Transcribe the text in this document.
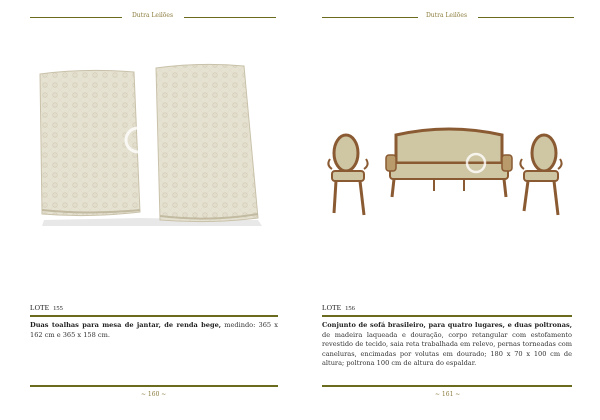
Dutra Leilões
LOTE 155
Duas toalhas para mesa de jantar, de renda bege, medindo: 365 x 162 cm e 365 x 158 cm.
~ 160 ~
Dutra Leilões
LOTE 156
Conjunto de sofá brasileiro, para quatro lugares, e duas poltronas, de madeira laqueada e douração, corpo retangular com estofamento revestido de tecido, saia reta trabalhada em relevo, pernas torneadas com caneluras, encimadas por volutas em dourado; 180 x 70 x 100 cm de altura; poltrona 100 cm de altura do espaldar.
~ 161 ~
